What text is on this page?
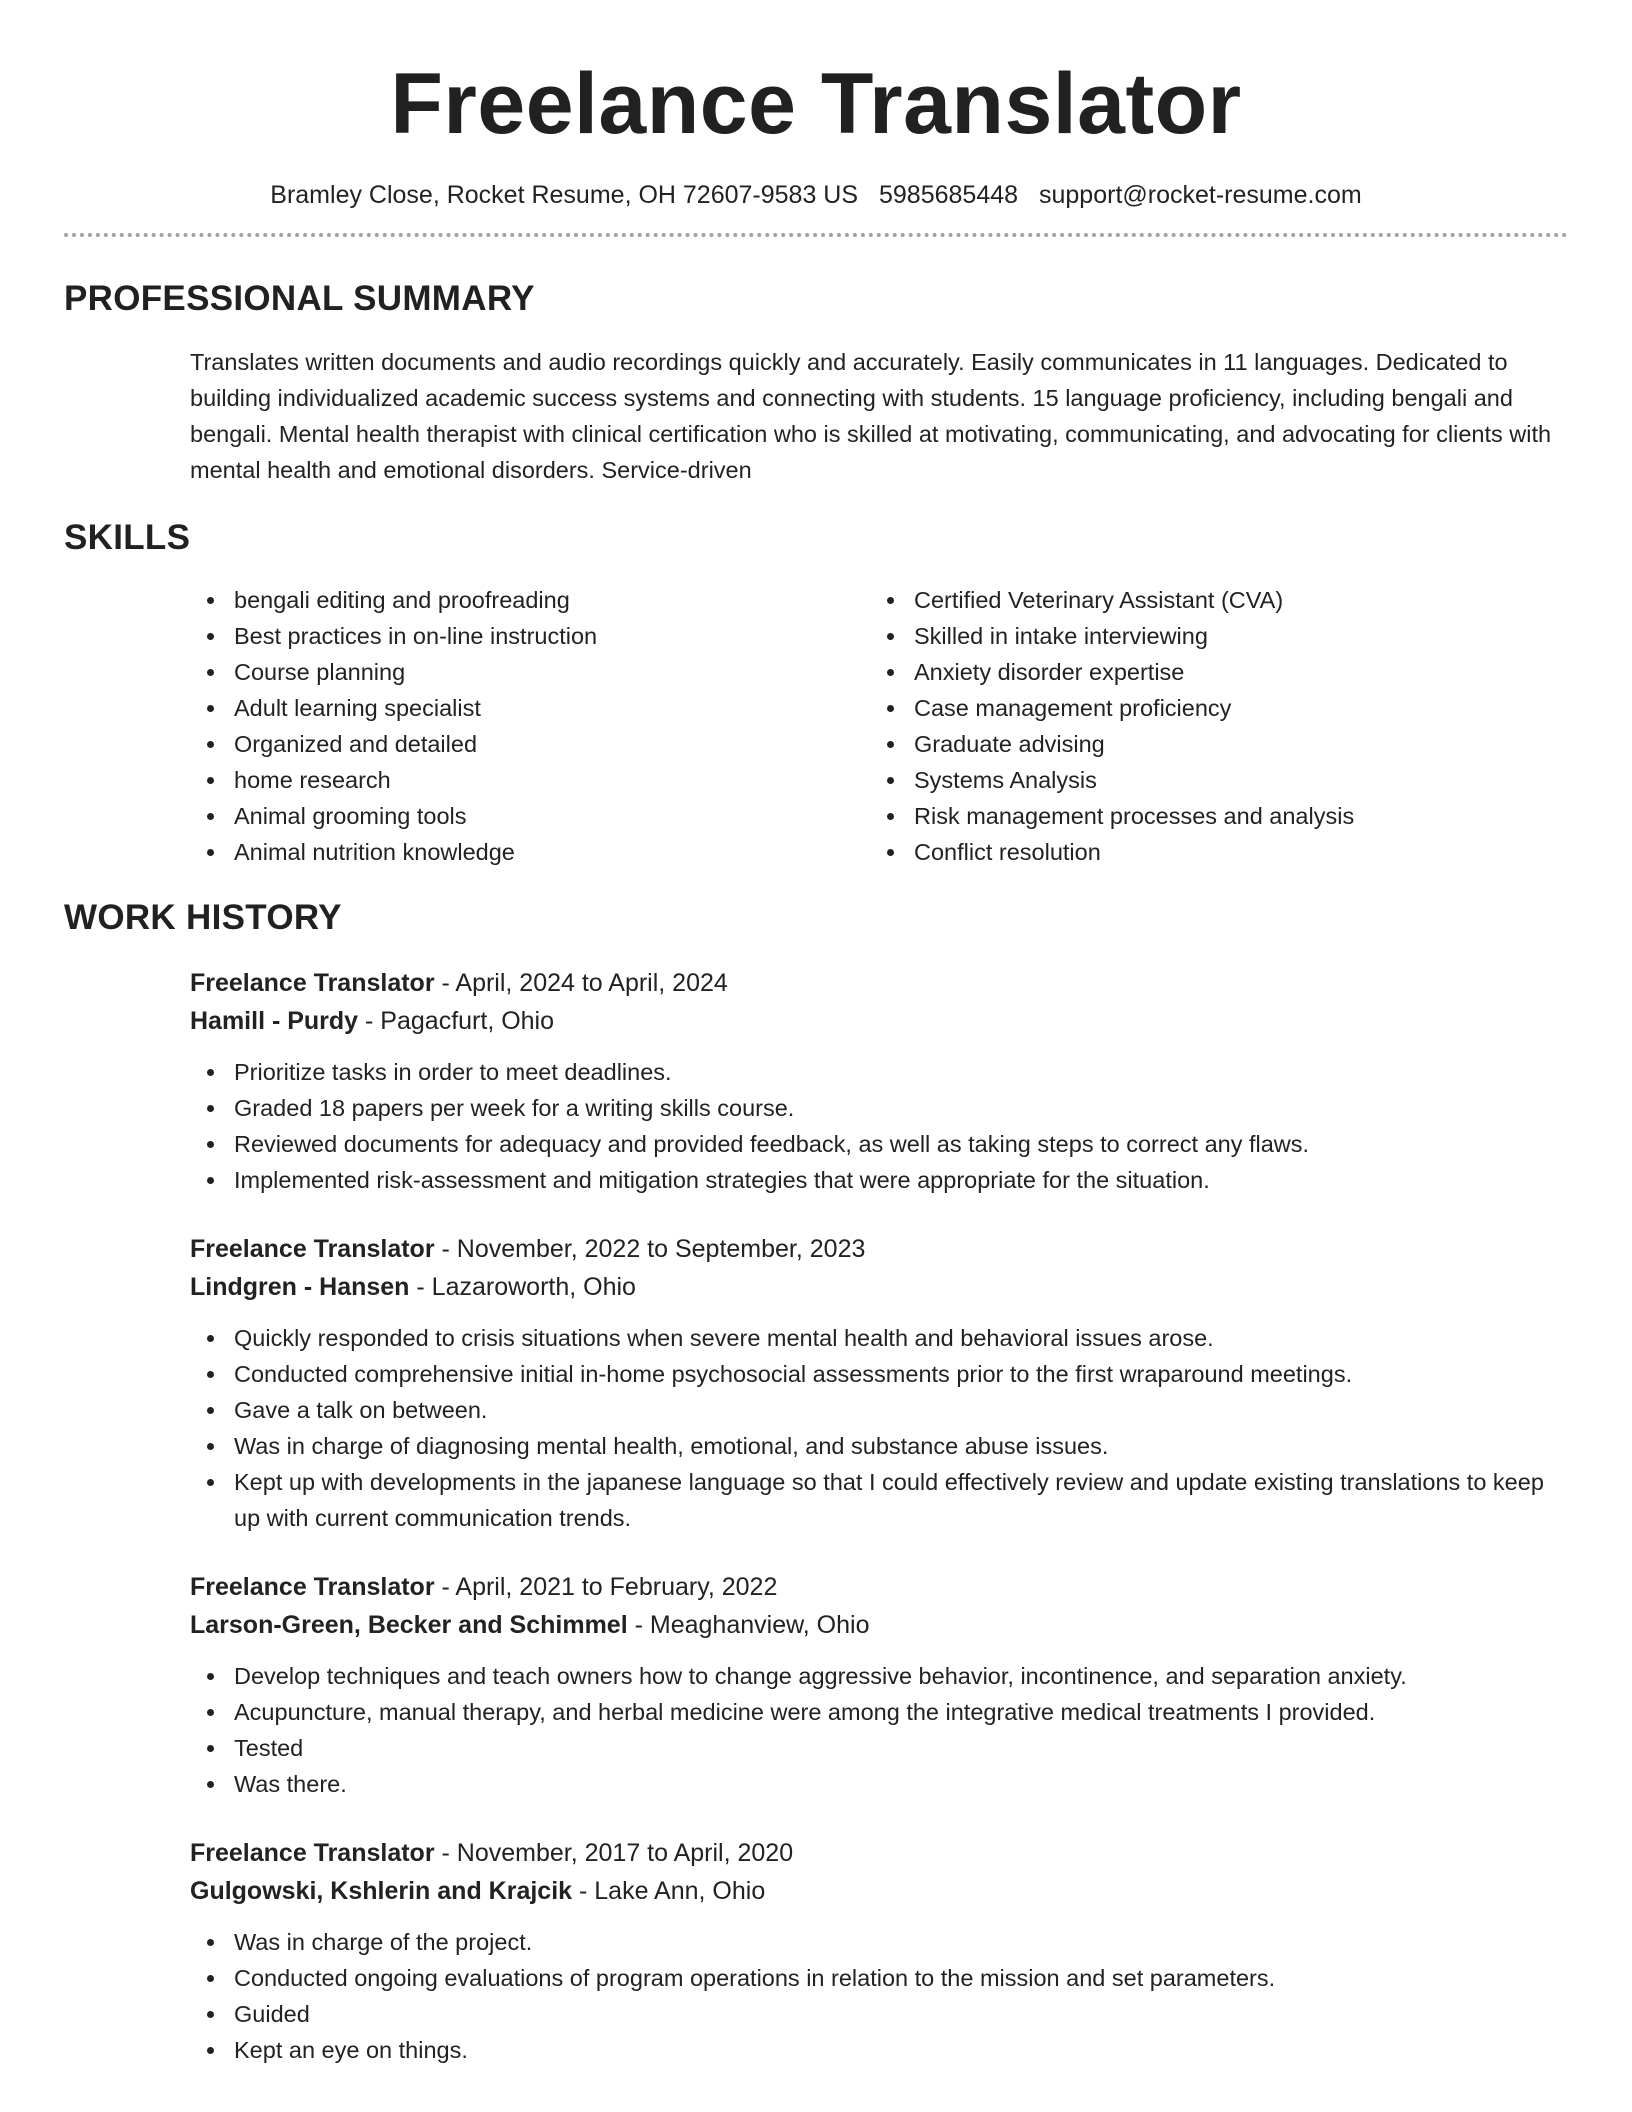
Freelance Translator
Bramley Close, Rocket Resume, OH 72607-9583 US 5985685448 support@rocket-resume.com
PROFESSIONAL SUMMARY

Translates written documents and audio recordings quickly and accurately. Easily communicates in 11 languages. Dedicated to building individualized academic success systems and connecting with students. 15 language proficiency, including bengali and bengali. Mental health therapist with clinical certification who is skilled at motivating, communicating, and advocating for clients with mental health and emotional disorders. Service-driven

SKILLS
bengali editing and proofreading
Best practices in on-line instruction
Course planning
Adult learning specialist
Organized and detailed
home research
Animal grooming tools
Animal nutrition knowledge
Certified Veterinary Assistant (CVA)
Skilled in intake interviewing
Anxiety disorder expertise
Case management proficiency
Graduate advising
Systems Analysis
Risk management processes and analysis
Conflict resolution
WORK HISTORY
Freelance Translator - April, 2024 to April, 2024
Hamill - Purdy - Pagacfurt, Ohio
Prioritize tasks in order to meet deadlines.
Graded 18 papers per week for a writing skills course.
Reviewed documents for adequacy and provided feedback, as well as taking steps to correct any flaws.
Implemented risk-assessment and mitigation strategies that were appropriate for the situation.
Freelance Translator - November, 2022 to September, 2023
Lindgren - Hansen - Lazaroworth, Ohio
Quickly responded to crisis situations when severe mental health and behavioral issues arose.
Conducted comprehensive initial in-home psychosocial assessments prior to the first wraparound meetings.
Gave a talk on between.
Was in charge of diagnosing mental health, emotional, and substance abuse issues.
Kept up with developments in the japanese language so that I could effectively review and update existing translations to keep up with current communication trends.
Freelance Translator - April, 2021 to February, 2022
Larson-Green, Becker and Schimmel - Meaghanview, Ohio
Develop techniques and teach owners how to change aggressive behavior, incontinence, and separation anxiety.
Acupuncture, manual therapy, and herbal medicine were among the integrative medical treatments I provided.
Tested
Was there.
Freelance Translator - November, 2017 to April, 2020
Gulgowski, Kshlerin and Krajcik - Lake Ann, Ohio
Was in charge of the project.
Conducted ongoing evaluations of program operations in relation to the mission and set parameters.
Guided
Kept an eye on things.
